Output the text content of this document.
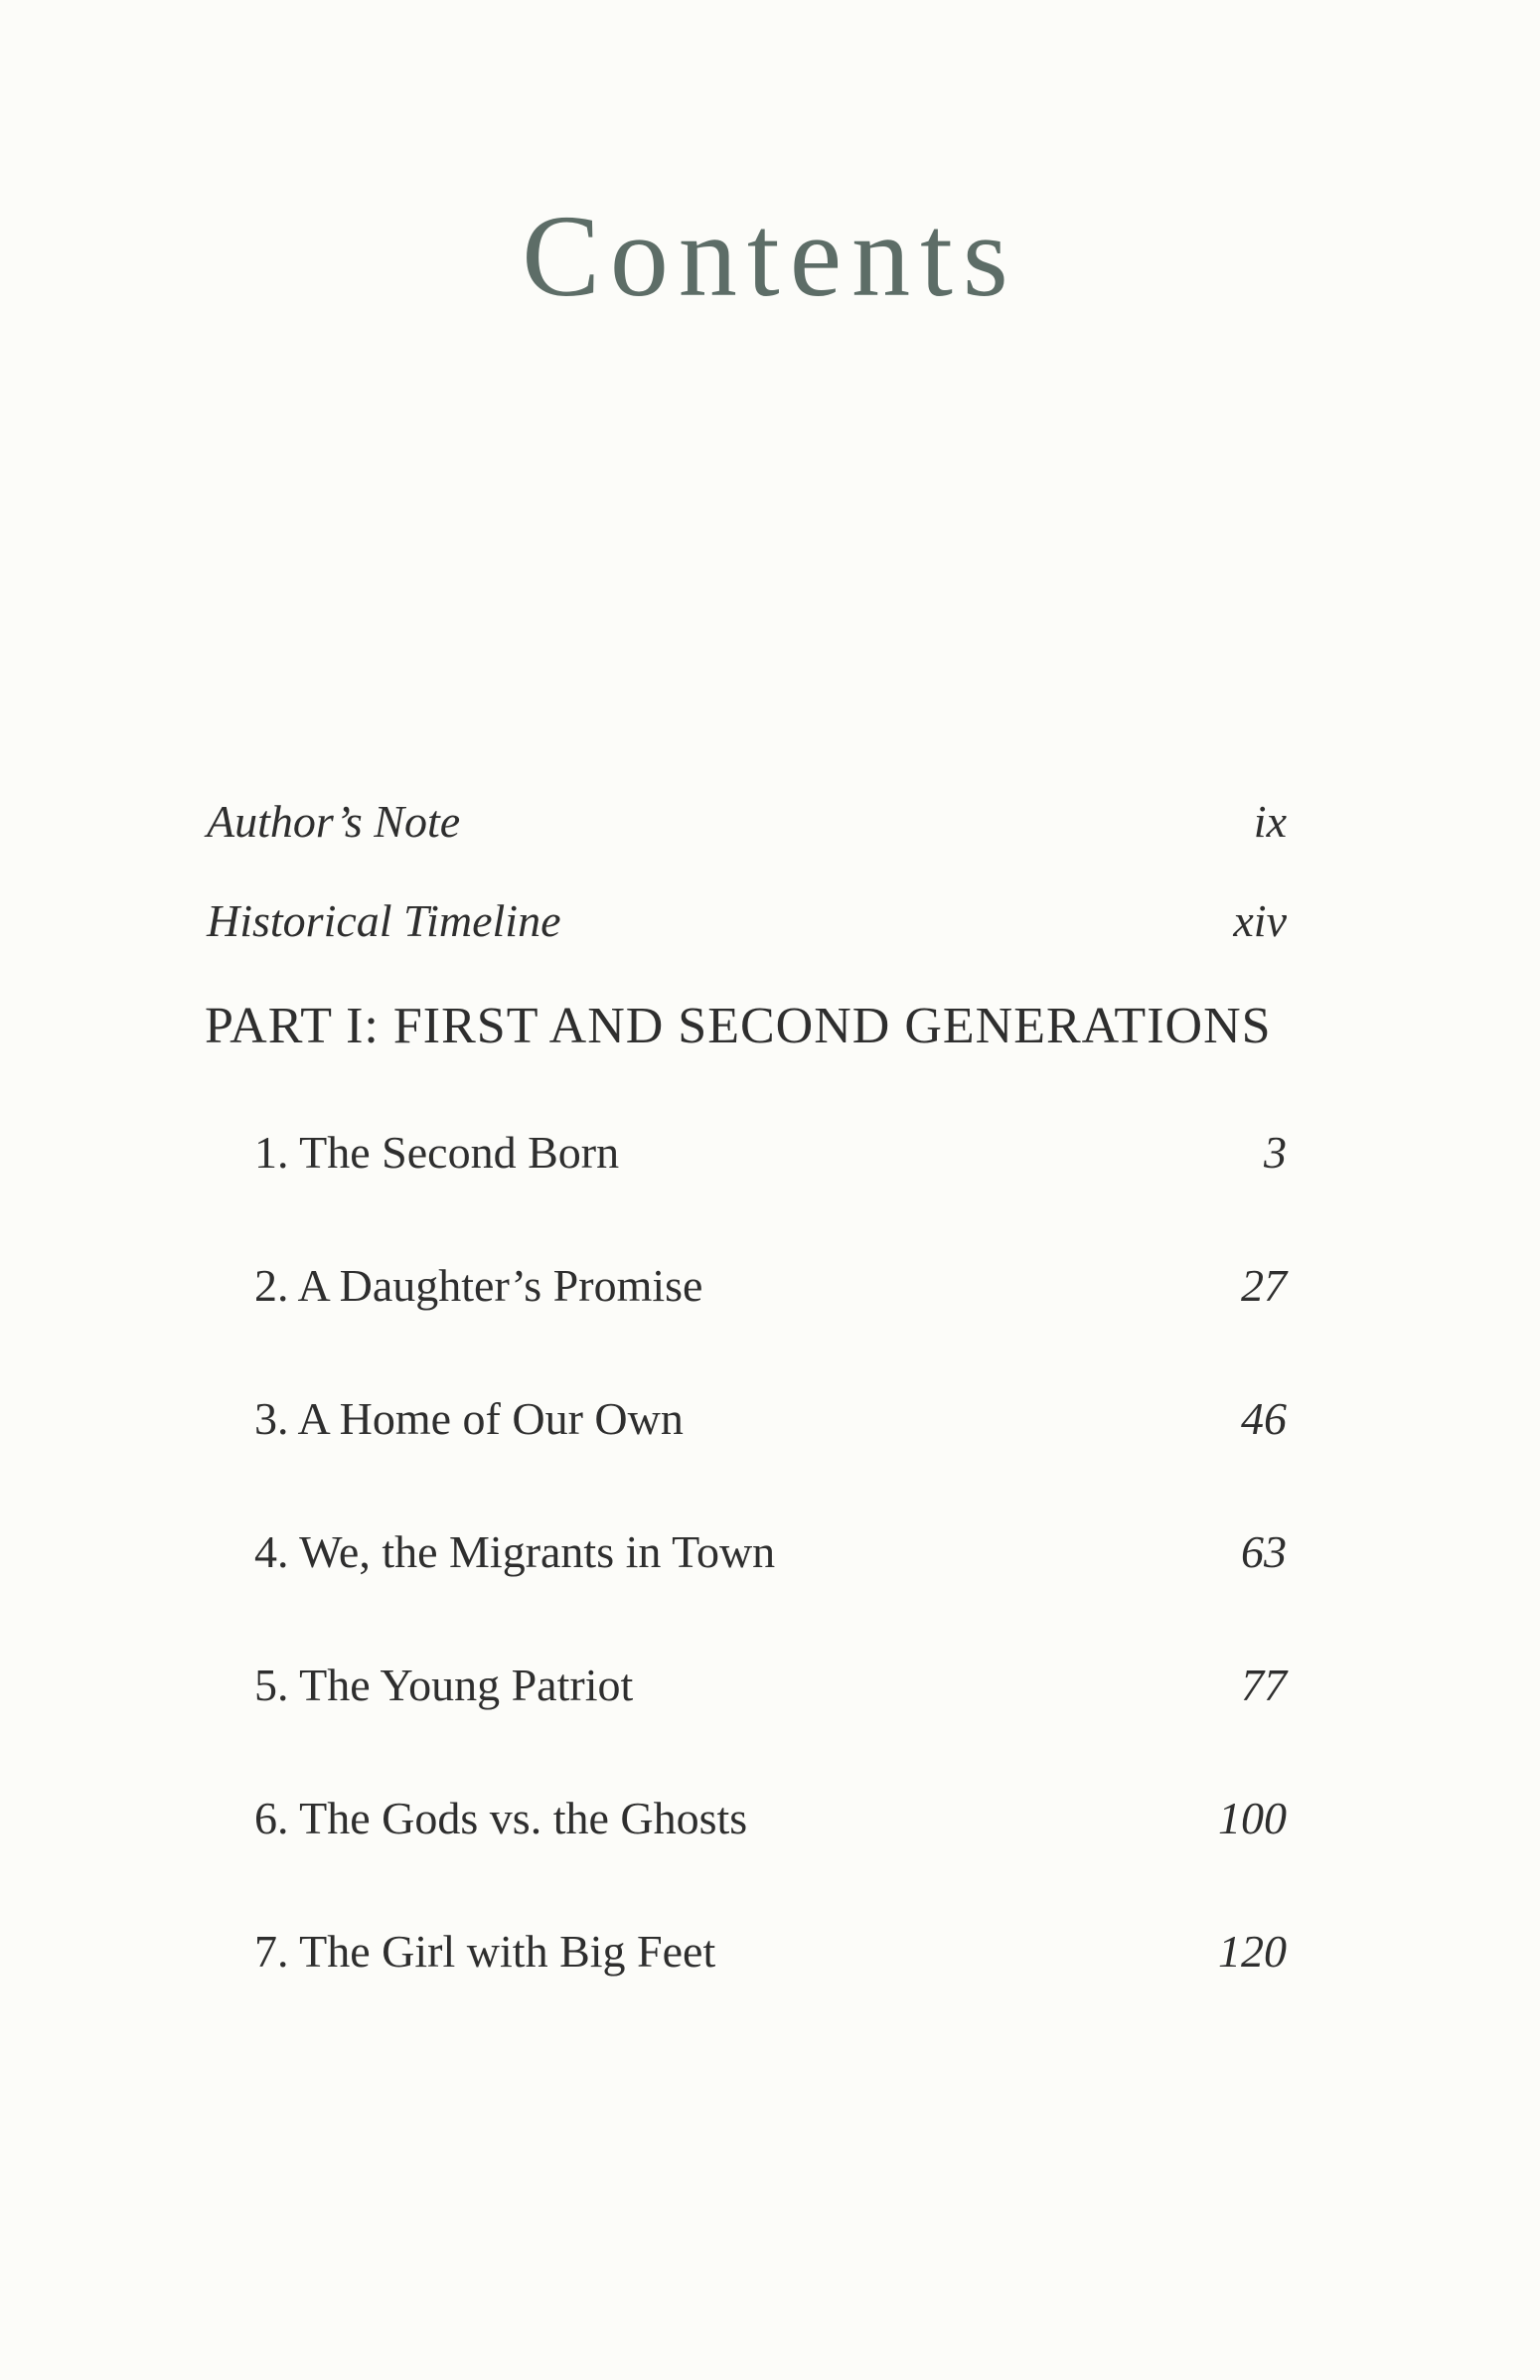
Contents
Author’s Note	ix
Historical Timeline	xiv
PART I: FIRST AND SECOND GENERATIONS
1. The Second Born	3
2. A Daughter’s Promise	27
3. A Home of Our Own	46
4. We, the Migrants in Town	63
5. The Young Patriot	77
6. The Gods vs. the Ghosts	100
7. The Girl with Big Feet	120
